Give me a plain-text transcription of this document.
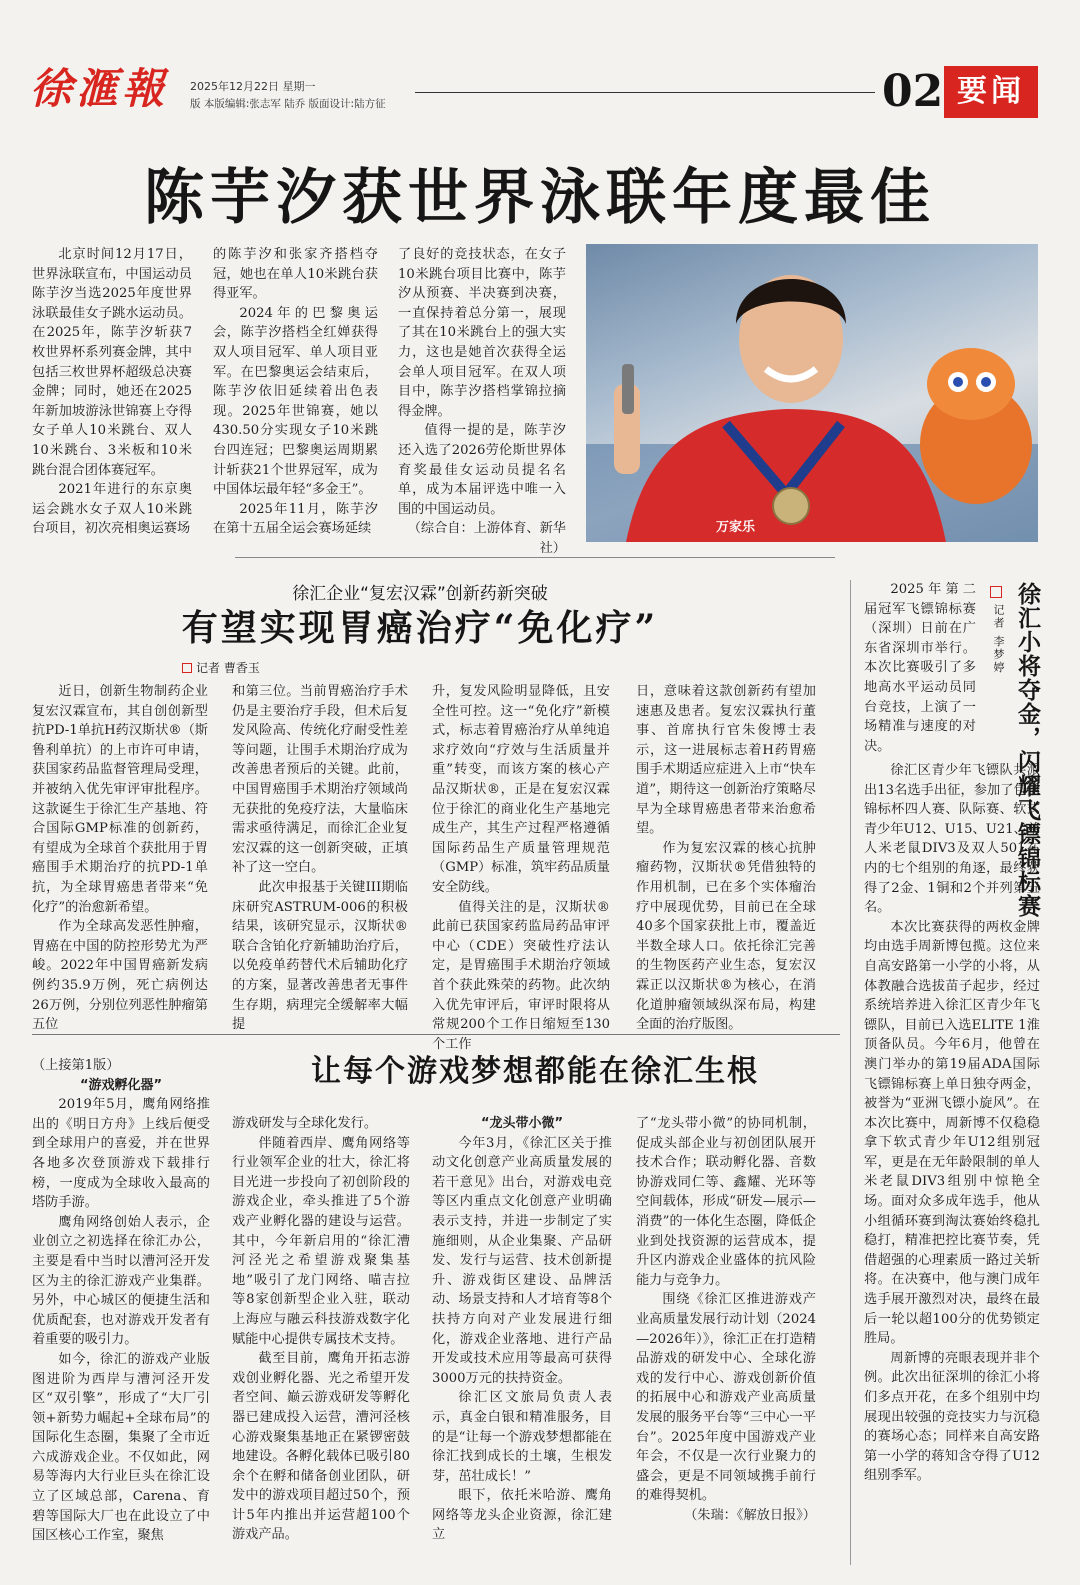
徐滙報 2025年12月22日 星期一
版 本版编辑:张志军 陆乔 版面设计:陆方征	02 要闻
陈芋汐获世界泳联年度最佳

北京时间12月17日，世界泳联宣布，中国运动员陈芋汐当选2025年度世界泳联最佳女子跳水运动员。在2025年，陈芋汐斩获7枚世界杯系列赛金牌，其中包括三枚世界杯超级总决赛金牌；同时，她还在2025年新加坡游泳世锦赛上夺得女子单人10米跳台、双人10米跳台、3米板和10米跳台混合团体赛冠军。

2021年进行的东京奥运会跳水女子双人10米跳台项目，初次亮相奥运赛场

的陈芋汐和张家齐搭档夺冠，她也在单人10米跳台获得亚军。

2024年的巴黎奥运会，陈芋汐搭档全红婵获得双人项目冠军、单人项目亚军。在巴黎奥运会结束后，陈芋汐依旧延续着出色表现。2025年世锦赛，她以430.50分实现女子10米跳台四连冠；巴黎奥运周期累计斩获21个世界冠军，成为中国体坛最年轻“多金王”。

2025年11月，陈芋汐在第十五届全运会赛场延续

了良好的竞技状态，在女子10米跳台项目比赛中，陈芋汐从预赛、半决赛到决赛，一直保持着总分第一，展现了其在10米跳台上的强大实力，这也是她首次获得全运会单人项目冠军。在双人项目中，陈芋汐搭档掌锦拉摘得金牌。

值得一提的是，陈芋汐还入选了2026劳伦斯世界体育奖最佳女运动员提名名单，成为本届评选中唯一入围的中国运动员。

（综合自：上游体育、新华社）

万家乐
徐汇企业“复宏汉霖”创新药新突破
有望实现胃癌治疗“免化疗”
记者 曹香玉

近日，创新生物制药企业复宏汉霖宣布，其自创创新型抗PD-1单抗H药汉斯状®（斯鲁利单抗）的上市许可申请，获国家药品监督管理局受理，并被纳入优先审评审批程序。这款诞生于徐汇生产基地、符合国际GMP标准的创新药，有望成为全球首个获批用于胃癌围手术期治疗的抗PD-1单抗，为全球胃癌患者带来“免化疗”的治愈新希望。

作为全球高发恶性肿瘤，胃癌在中国的防控形势尤为严峻。2022年中国胃癌新发病例约35.9万例，死亡病例达26万例，分别位列恶性肿瘤第五位

和第三位。当前胃癌治疗手术仍是主要治疗手段，但术后复发风险高、传统化疗耐受性差等问题，让围手术期治疗成为改善患者预后的关键。此前，中国胃癌围手术期治疗领域尚无获批的免疫疗法，大量临床需求亟待满足，而徐汇企业复宏汉霖的这一创新突破，正填补了这一空白。

此次申报基于关键III期临床研究ASTRUM-006的积极结果，该研究显示，汉斯状®联合含铂化疗新辅助治疗后，以免疫单药替代术后辅助化疗的方案，显著改善患者无事件生存期，病理完全缓解率大幅提

升，复发风险明显降低，且安全性可控。这一“免化疗”新模式，标志着胃癌治疗从单纯追求疗效向“疗效与生活质量并重”转变，而该方案的核心产品汉斯状®，正是在复宏汉霖位于徐汇的商业化生产基地完成生产，其生产过程严格遵循国际药品生产质量管理规范（GMP）标准，筑牢药品质量安全防线。

值得关注的是，汉斯状®此前已获国家药监局药品审评中心（CDE）突破性疗法认定，是胃癌围手术期治疗领域首个获此殊荣的药物。此次纳入优先审评后，审评时限将从常规200个工作日缩短至130个工作

日，意味着这款创新药有望加速惠及患者。复宏汉霖执行董事、首席执行官朱俊博士表示，这一进展标志着H药胃癌围手术期适应症进入上市“快车道”，期待这一创新治疗策略尽早为全球胃癌患者带来治愈希望。

作为复宏汉霖的核心抗肿瘤药物，汉斯状®凭借独特的作用机制，已在多个实体瘤治疗中展现优势，目前已在全球40多个国家获批上市，覆盖近半数全球人口。依托徐汇完善的生物医药产业生态，复宏汉霖正以汉斯状®为核心，在消化道肿瘤领域纵深布局，构建全面的治疗版图。

徐汇小将夺金，闪耀飞镖锦标赛
记者 李梦婷

2025年第二届冠军飞镖锦标赛（深圳）日前在广东省深圳市举行。本次比赛吸引了多地高水平运动员同台竞技，上演了一场精准与速度的对决。

徐汇区青少年飞镖队共派出13名选手出征，参加了包括锦标杯四人赛、队际赛、软式青少年U12、U15、U21、单人米老鼠DIV3及双人501在内的七个组别的角逐，最终获得了2金、1铜和2个并列第五名。

本次比赛获得的两枚金牌均由选手周新博包揽。这位来自高安路第一小学的小将，从体教融合选拔苗子起步，经过系统培养进入徐汇区青少年飞镖队，目前已入选ELITE 1淮顶备队员。今年6月，他曾在澳门举办的第19届ADA国际飞镖锦标赛上单日独夺两金，被誉为“亚洲飞镖小旋风”。在本次比赛中，周新博不仅稳稳拿下软式青少年U12组别冠军，更是在无年龄限制的单人米老鼠DIV3组别中惊艳全场。面对众多成年选手，他从小组循环赛到淘汰赛始终稳扎稳打，精准把控比赛节奏，凭借超强的心理素质一路过关斩将。在决赛中，他与澳门成年选手展开激烈对决，最终在最后一轮以超100分的优势锁定胜局。

周新博的亮眼表现并非个例。此次出征深圳的徐汇小将们多点开花，在多个组别中均展现出较强的竞技实力与沉稳的赛场心态；同样来自高安路第一小学的蒋知含夺得了U12组别季军。

让每个游戏梦想都能在徐汇生根

（上接第1版）

“游戏孵化器”

2019年5月，鹰角网络推出的《明日方舟》上线后便受到全球用户的喜爱，并在世界各地多次登顶游戏下载排行榜，一度成为全球收入最高的塔防手游。

鹰角网络创始人表示，企业创立之初选择在徐汇办公，主要是看中当时以漕河泾开发区为主的徐汇游戏产业集群。另外，中心城区的便捷生活和优质配套，也对游戏开发者有着重要的吸引力。

如今，徐汇的游戏产业版图进阶为西岸与漕河泾开发区“双引擎”，形成了“大厂引领+新势力崛起+全球布局”的国际化生态圈，集聚了全市近六成游戏企业。不仅如此，网易等海内大行业巨头在徐汇设立了区域总部，Carena、育碧等国际大厂也在此设立了中国区核心工作室，聚焦

游戏研发与全球化发行。

伴随着西岸、鹰角网络等行业领军企业的壮大，徐汇将目光进一步投向了初创阶段的游戏企业，牵头推进了5个游戏产业孵化器的建设与运营。其中，今年新启用的“徐汇漕河泾光之希望游戏聚集基地”吸引了龙门网络、喵吉拉等8家创新型企业入驻，联动上海应与融云科技游戏数字化赋能中心提供专属技术支持。

截至目前，鹰角开拓志游戏创业孵化器、光之希望开发者空间、巅云游戏研发等孵化器已建成投入运营，漕河泾核心游戏聚集基地正在紧锣密鼓地建设。各孵化载体已吸引80余个在孵和储备创业团队，研发中的游戏项目超过50个，预计5年内推出并运营超100个游戏产品。

“龙头带小微”

今年3月，《徐汇区关于推动文化创意产业高质量发展的若干意见》出台，对游戏电竞等区内重点文化创意产业明确表示支持，并进一步制定了实施细则，从企业集聚、产品研发、发行与运营、技术创新提升、游戏街区建设、品牌活动、场景支持和人才培育等8个扶持方向对产业发展进行细化，游戏企业落地、进行产品开发或技术应用等最高可获得3000万元的扶持资金。

徐汇区文旅局负责人表示，真金白银和精准服务，目的是“让每一个游戏梦想都能在徐汇找到成长的土壤，生根发芽，茁壮成长！”

眼下，依托米哈游、鹰角网络等龙头企业资源，徐汇建立

了“龙头带小微”的协同机制，促成头部企业与初创团队展开技术合作；联动孵化器、音数协游戏同仁等、鑫耀、光环等空间载体，形成“研发—展示—消费”的一体化生态圈，降低企业到处找资源的运营成本，提升区内游戏企业盛体的抗风险能力与竞争力。

围绕《徐汇区推进游戏产业高质量发展行动计划（2024—2026年）》，徐汇正在打造精品游戏的研发中心、全球化游戏的发行中心、游戏创新价值的拓展中心和游戏产业高质量发展的服务平台等“三中心一平台”。2025年度中国游戏产业年会，不仅是一次行业聚力的盛会，更是不同领域携手前行的难得契机。

（朱瑞：《解放日报》）
